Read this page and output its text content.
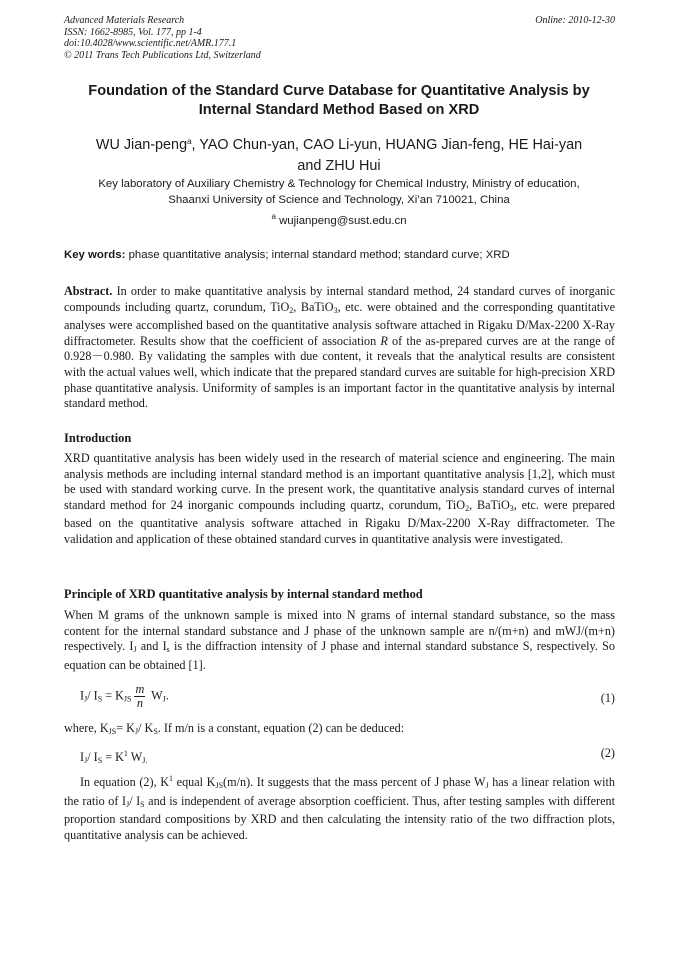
Advanced Materials Research
ISSN: 1662-8985, Vol. 177, pp 1-4
doi:10.4028/www.scientific.net/AMR.177.1
© 2011 Trans Tech Publications Ltd, Switzerland
Online: 2010-12-30
Foundation of the Standard Curve Database for Quantitative Analysis by
Internal Standard Method Based on XRD
WU Jian-peng$^a$, YAO Chun-yan, CAO Li-yun, HUANG Jian-feng, HE Hai-yan
and ZHU Hui
Key laboratory of Auxiliary Chemistry & Technology for Chemical Industry, Ministry of education,
Shaanxi University of Science and Technology, Xi’an 710021, China
$^a$ wujianpeng@sust.edu.cn
Key words: phase quantitative analysis; internal standard method; standard curve; XRD
Abstract. In order to make quantitative analysis by internal standard method, 24 standard curves of inorganic compounds including quartz, corundum, TiO$_2$, BaTiO$_3$, etc. were obtained and the corresponding quantitative analyses were accomplished based on the quantitative analysis software attached in Rigaku D/Max-2200 X-Ray diffractometer. Results show that the coefficient of association R of the as-prepared curves are at the range of 0.928－0.980. By validating the samples with due content, it reveals that the analytical results are consistent with the actual values well, which indicate that the prepared standard curves are suitable for high-precision XRD phase quantitative analysis. Uniformity of samples is an important factor in the quantitative analysis by internal standard method.
Introduction
XRD quantitative analysis has been widely used in the research of material science and engineering. The main analysis methods are including internal standard method is an important quantitative analysis [1,2], which must be used with standard working curve. In the present work, the quantitative analysis standard curves of internal standard method for 24 inorganic compounds including quartz, corundum, TiO$_2$, BaTiO$_3$, etc. were prepared based on the quantitative analysis software attached in Rigaku D/Max-2200 X-Ray diffractometer. The validation and application of these obtained standard curves in quantitative analysis were investigated.
Principle of XRD quantitative analysis by internal standard method
When M grams of the unknown sample is mixed into N grams of internal standard substance, so the mass content for the internal standard substance and J phase of the unknown sample are n/(m+n) and mWJ/(m+n) respectively. $I_J$ and $I_s$ is the diffraction intensity of J phase and internal standard substance S, respectively. So equation can be obtained [1].
$I_J/$ $I_S = K_{JS} \frac{m}{n} W_J$.	(1)
where, $K_{JS}= K_J/$ $K_S$. If m/n is a constant, equation (2) can be deduced:
$I_J/$ $I_S = K^1$ $W_{J.}$
(2)
In equation (2), $K^1$ equal $K_{JS}(m/n)$. It suggests that the mass percent of J phase $W_J$ has a linear relation with the ratio of $I_J/$ $I_S$ and is independent of average absorption coefficient. Thus, after testing samples with different proportion standard compositions by XRD and then calculating the intensity ratio of the two diffraction plots, quantitative analysis can be achieved.
